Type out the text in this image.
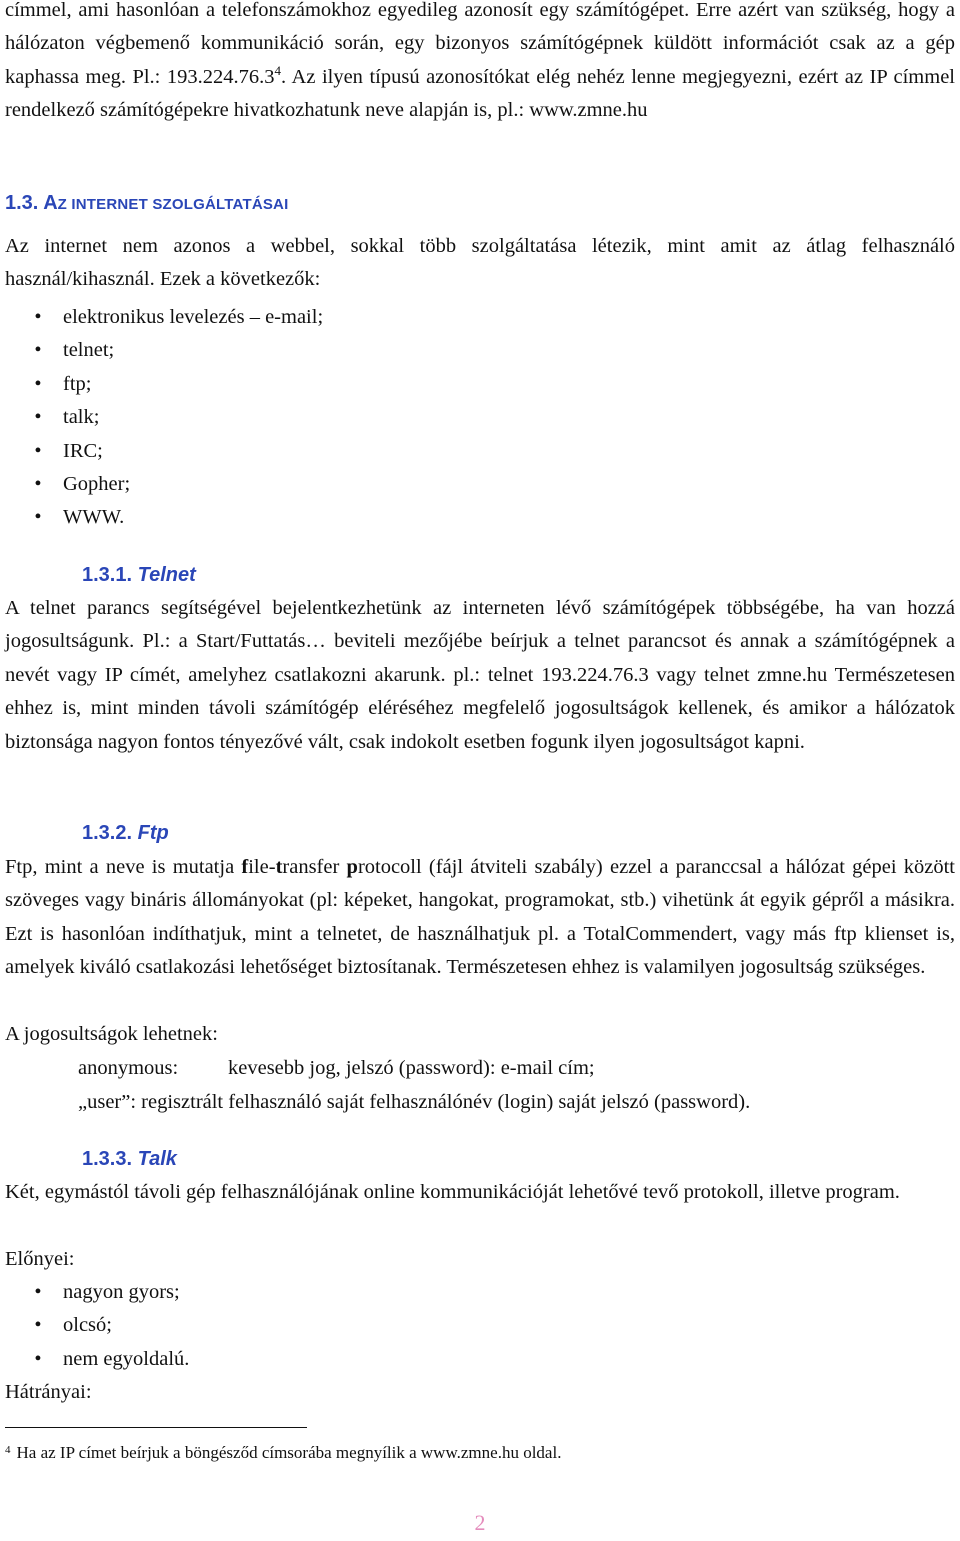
címmel, ami hasonlóan a telefonszámokhoz egyedileg azonosít egy számítógépet. Erre azért van szükség, hogy a hálózaton végbemenő kommunikáció során, egy bizonyos számítógépnek küldött információt csak az a gép kaphassa meg. Pl.: 193.224.76.3$^4$. Az ilyen típusú azonosítókat elég nehéz lenne megjegyezni, ezért az IP címmel rendelkező számítógépekre hivatkozhatunk neve alapján is, pl.: www.zmne.hu

1.3. AZ INTERNET SZOLGÁLTATÁSAI

Az internet nem azonos a webbel, sokkal több szolgáltatása létezik, mint amit az átlag felhasználó használ/kihasznál. Ezek a következők:

• elektronikus levelezés – e-mail;
• telnet;
• ftp;
• talk;
• IRC;
• Gopher;
• WWW.
1.3.1. Telnet

A telnet parancs segítségével bejelentkezhetünk az interneten lévő számítógépek többségébe, ha van hozzá jogosultságunk. Pl.: a Start/Futtatás… beviteli mezőjébe beírjuk a telnet parancsot és annak a számítógépnek a nevét vagy IP címét, amelyhez csatlakozni akarunk. pl.: telnet 193.224.76.3 vagy telnet zmne.hu Természetesen ehhez is, mint minden távoli számítógép eléréséhez megfelelő jogosultságok kellenek, és amikor a hálózatok biztonsága nagyon fontos tényezővé vált, csak indokolt esetben fogunk ilyen jogosultságot kapni.

1.3.2. Ftp

Ftp, mint a neve is mutatja file-transfer protocoll (fájl átviteli szabály) ezzel a paranccsal a hálózat gépei között szöveges vagy bináris állományokat (pl: képeket, hangokat, programokat, stb.) vihetünk át egyik gépről a másikra. Ezt is hasonlóan indíthatjuk, mint a telnetet, de használhatjuk pl. a TotalCommendert, vagy más ftp klienset is, amelyek kiváló csatlakozási lehetőséget biztosítanak. Természetesen ehhez is valamilyen jogosultság szükséges.

A jogosultságok lehetnek:

anonymous: kevesebb jog, jelszó (password): e-mail cím;
„user”: regisztrált felhasználó saját felhasználónév (login) saját jelszó (password).
1.3.3. Talk

Két, egymástól távoli gép felhasználójának online kommunikációját lehetővé tevő protokoll, illetve program.

Előnyei:

• nagyon gyors;
• olcsó;
• nem egyoldalú.

Hátrányai:

$^4$ Ha az IP címet beírjuk a böngésződ címsorába megnyílik a www.zmne.hu oldal.
2
